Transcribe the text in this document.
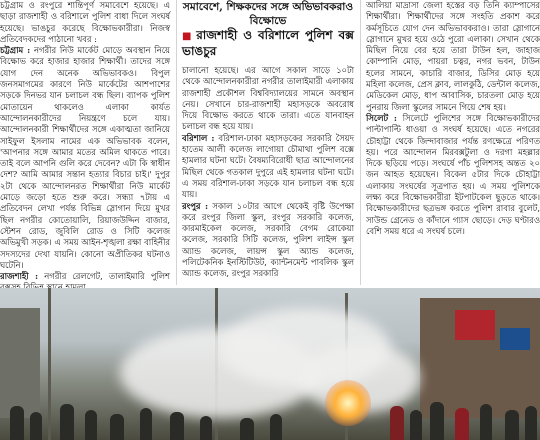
চট্টগ্রাম ও রংপুরে শান্তিপূর্ণ সমাবেশে হয়েছে। এ ছাড়া রাজশাহী ও বরিশালে পুলিশ বাধা দিলে সংঘর্ষ হয়েছে। ভাঙচুর করেছে বিক্ষোভকারীরা। নিজস্ব প্রতিবেদকদের পাঠানো খবর :

চট্টগ্রাম : নগরীর নিউ মার্কেট মোড়ে অবস্থান নিয়ে বিক্ষোভ করে হাজার হাজার শিক্ষার্থী। তাদের সঙ্গে যোগ দেন অনেক অভিভাবকও। বিপুল জনসমাগমের কারণে নিউ মার্কেটের আশপাশের সড়কে দিনভর যান চলাচল বন্ধ ছিল। ব্যাপক পুলিশ মোতায়েন থাকলেও এলাকা কার্যত আন্দোলনকারীদের নিয়ন্ত্রণে চলে যায়। আন্দোলনকারী শিক্ষার্থীদের সঙ্গে একাত্মতা জানিয়ে সাইফুল ইসলাম নামের এক অভিভাবক বলেন, 'আপনার সঙ্গে আমার মতের অমিল থাকতে পারে। তাই বলে আপনি গুলি করে দেবেন? এটা কি স্বাধীন দেশ? আমি আমার সন্তান হত্যার বিচার চাই।' দুপুর ২টা থেকে আন্দোলনরত শিক্ষার্থীরা নিউ মার্কেট মোড়ে জড়ো হতে শুরু করে। সন্ধ্যা ৭টায় এ প্রতিবেদন লেখা পর্যন্ত বিভিন্ন স্লোগান দিয়ে মুখর ছিল নগরীর কোতোয়ালি, রিয়াজউদ্দিন বাজার, স্টেশন রোড, জুবিলি রোড ও সিটি কলেজ অভিমুখী সড়ক। এ সময় আইন-শৃঙ্খলা রক্ষা বাহিনীর সদস্যদের দেখা যায়নি। কোনো অপ্রীতিকর ঘটনাও ঘটেনি।

রাজশাহী : নগরীর রেলগেট, তালাইমারি পুলিশ

সমাবেশে, শিক্ষকদের সঙ্গে অভিভাবকরাও বিক্ষোভে
■ রাজশাহী ও বরিশালে পুলিশ বক্স ভাঙচুর

চালানো হয়েছে। এর আগে সকাল সাড়ে ১০টা থেকে আন্দোলনকারীরা নগরীর তালাইমারী এলাকায় রাজশাহী প্রকৌশল বিশ্ববিদ্যালয়ের সামনে অবস্থান নেয়। সেখানে চার-রাজশাহী মহাসড়কে অবরোধ দিয়ে বিক্ষোভ করতে থাকে তারা। এতে যানবাহন চলাচল বন্ধ হয়ে যায়।

বরিশাল : বরিশাল-ঢাকা মহাসড়কের সরকারি সৈয়দ হাতেম আলী কলেজ লাগোয়া চৌমাথা পুলিশ বক্সে হামলার ঘটনা ঘটে। বৈষম্যবিরোধী ছাত্র আন্দোলনের মিছিল থেকে গতকাল দুপুরে এই হামলার ঘটনা ঘটে। এ সময় বরিশাল-ঢাকা সড়কে যান চলাচল বন্ধ হয়ে যায়।

রংপুর : সকাল ১০টার আগে থেকেই বৃষ্টি উপেক্ষা করে রংপুর জিলা স্কুল, রংপুর সরকারি কলেজ, কারমাইকেল কলেজ, সরকারি বেগম রোকেয়া কলেজ, সরকারি সিটি কলেজ, পুলিশ লাইন্স স্কুল অ্যান্ড কলেজ, লায়ন্স স্কুল অ্যান্ড কলেজ, পলিটেকনিক ইনস্টিটিউট, ক্যান্টনমেন্ট পাবলিক স্কুল অ্যান্ড কলেজ, রংপুর সরকারি

আলিয়া মাদ্রাসা জেলা হস্তের বড় তিনি ক্যাম্পাসের শিক্ষার্থীরা। শিক্ষার্থীদের সঙ্গে সংহতি প্রকাশ করে কর্মসূচিতে যোগ দেন অভিভাবকরাও। তারা স্লোগানে স্লোগানে মুখর হয়ে ওঠে পুরো এলাকা। সেখান থেকে মিছিল নিয়ে বের হয়ে তারা টাউন হল, জাহাজ কোম্পানি মোড়, পায়রা চত্বর, নগর ভবন, টাউন হলের সামনে, কাচারি বাজার, ডিসির মোড় হয়ে মহিলা কলেজ, প্রেস ক্লাব, লালকুঠি, ডেন্টাল কলেজ, মেডিকেল মোড়, ধাপ আবাসিক, চারতলা মোড় হয়ে পুনরায় জিলা স্কুলের সামনে গিয়ে শেষ হয়।

সিলেট : সিলেটে পুলিশের সঙ্গে বিক্ষোভকারীদের পাল্টাপাল্টি ধাওয়া ও সংঘর্ষ হয়েছে। এতে নগরের চৌহাট্টা থেকে জিন্দাবাজার পর্যন্ত রণক্ষেত্রে পরিণত হয়। পরে আন্দোলন মিরবক্সটুলা ও দরগা মহল্লার দিকে ছড়িয়ে পড়ে। সংঘর্ষে পাঁচ পুলিশসহ অন্তত ২০ জন আহত হয়েছেন। বিকেল ৫টার দিকে চৌহাট্টা এলাকায় সংঘর্ষের সূত্রপাত হয়। এ সময় পুলিশকে লক্ষ্য করে বিক্ষোভকারীরা ইটপাটকেল ছুড়তে থাকে। বিক্ষোভকারীদের ছত্রভঙ্গ করতে পুলিশ রাবার বুলেট, সাউন্ড গ্রেনেড ও কাঁদানে গ্যাস ছোড়ে। দেড় ঘণ্টারও বেশি সময় ধরে এ সংঘর্ষ চলে।
